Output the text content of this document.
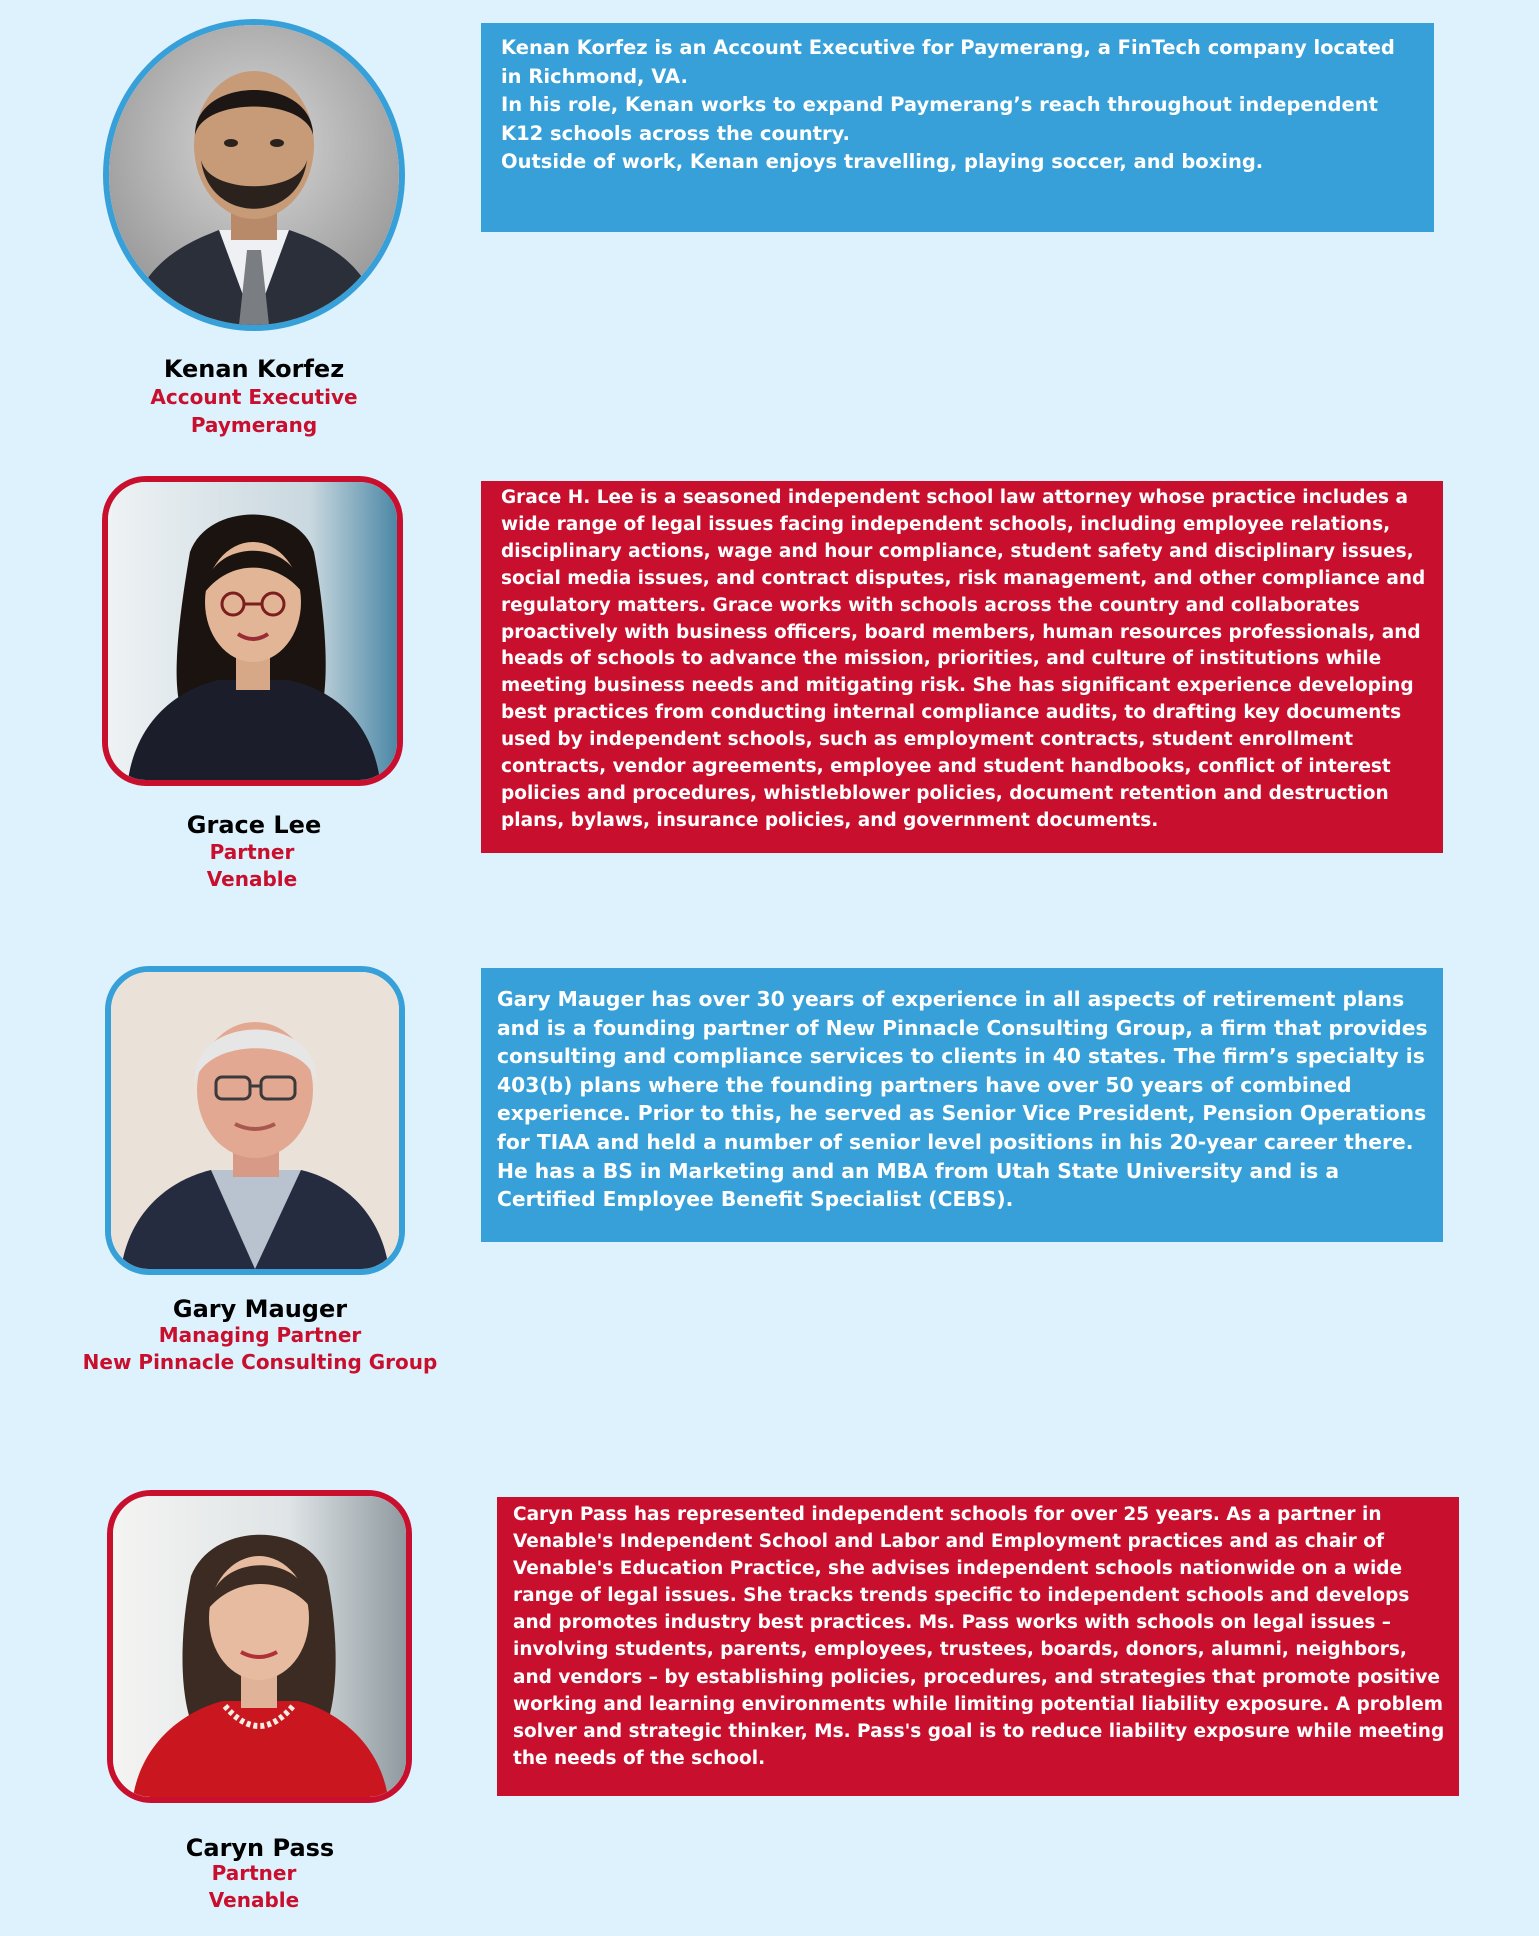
Kenan Korfez
Account Executive
Paymerang

Kenan Korfez is an Account Executive for Paymerang, a FinTech company located in Richmond, VA.

In his role, Kenan works to expand Paymerang’s reach throughout independent K12 schools across the country.

Outside of work, Kenan enjoys travelling, playing soccer, and boxing.

Grace Lee
Partner
Venable

Grace H. Lee is a seasoned independent school law attorney whose practice includes a wide range of legal issues facing independent schools, including employee relations, disciplinary actions, wage and hour compliance, student safety and disciplinary issues, social media issues, and contract disputes, risk management, and other compliance and regulatory matters. Grace works with schools across the country and collaborates proactively with business officers, board members, human resources professionals, and heads of schools to advance the mission, priorities, and culture of institutions while meeting business needs and mitigating risk. She has significant experience developing best practices from conducting internal compliance audits, to drafting key documents used by independent schools, such as employment contracts, student enrollment contracts, vendor agreements, employee and student handbooks, conflict of interest policies and procedures, whistleblower policies, document retention and destruction plans, bylaws, insurance policies, and government documents.

Gary Mauger
Managing Partner
New Pinnacle Consulting Group

Gary Mauger has over 30 years of experience in all aspects of retirement plans and is a founding partner of New Pinnacle Consulting Group, a firm that provides consulting and compliance services to clients in 40 states. The firm’s specialty is 403(b) plans where the founding partners have over 50 years of combined experience. Prior to this, he served as Senior Vice President, Pension Operations for TIAA and held a number of senior level positions in his 20-year career there. He has a BS in Marketing and an MBA from Utah State University and is a Certified Employee Benefit Specialist (CEBS).

Caryn Pass
Partner
Venable

Caryn Pass has represented independent schools for over 25 years. As a partner in Venable's Independent School and Labor and Employment practices and as chair of Venable's Education Practice, she advises independent schools nationwide on a wide range of legal issues. She tracks trends specific to independent schools and develops and promotes industry best practices. Ms. Pass works with schools on legal issues – involving students, parents, employees, trustees, boards, donors, alumni, neighbors, and vendors – by establishing policies, procedures, and strategies that promote positive working and learning environments while limiting potential liability exposure. A problem solver and strategic thinker, Ms. Pass's goal is to reduce liability exposure while meeting the needs of the school.
